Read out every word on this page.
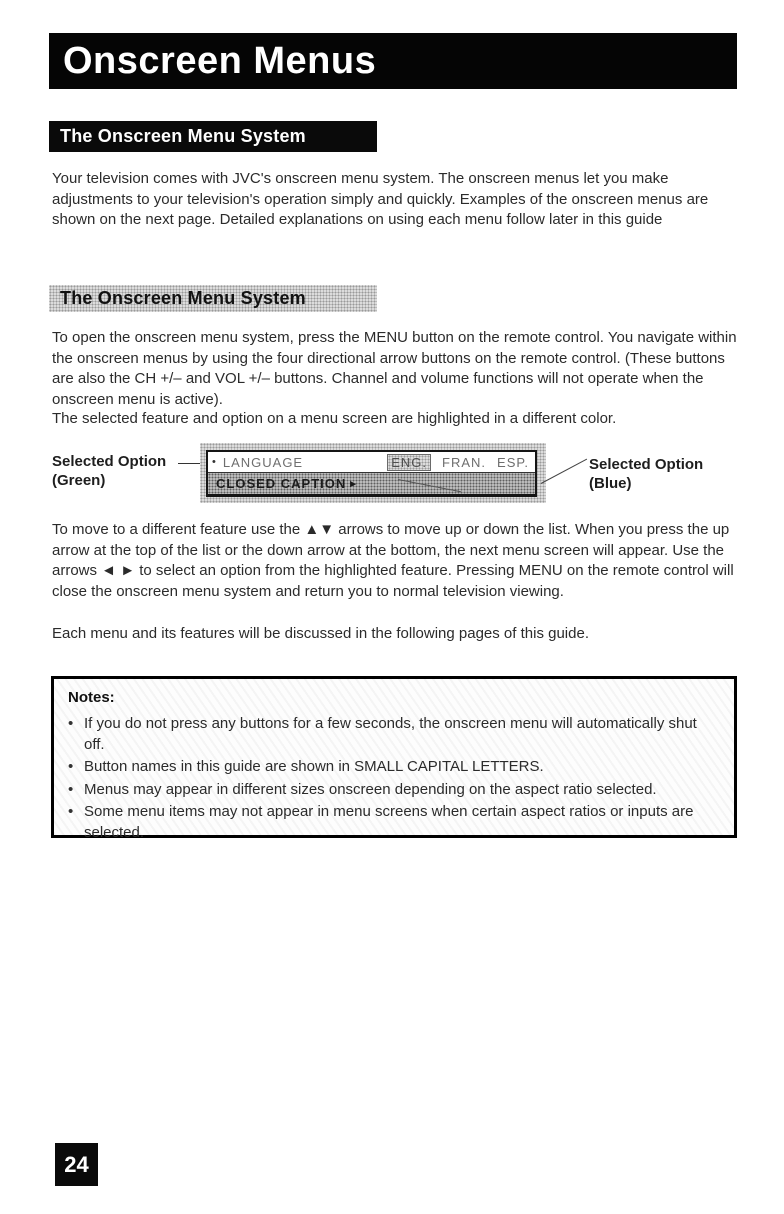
Onscreen Menus
The Onscreen Menu System
Your television comes with JVC's onscreen menu system. The onscreen menus let you make adjustments to your television's operation simply and quickly. Examples of the onscreen menus are shown on the next page. Detailed explanations on using each menu follow later in this guide
The Onscreen Menu System
To open the onscreen menu system, press the MENU button on the remote control. You navigate within the onscreen menus by using the four directional arrow buttons on the remote control. (These buttons are also the CH +/– and VOL +/– buttons. Channel and volume functions will not operate when the onscreen menu is active).
The selected feature and option on a menu screen are highlighted in a different color.
Selected Option
(Green)
• LANGUAGE	ENG.	FRAN. ESP.
CLOSED CAPTION ▸
Selected Option
(Blue)
To move to a different feature use the ▲▼ arrows to move up or down the list. When you press the up arrow at the top of the list or the down arrow at the bottom, the next menu screen will appear. Use the arrows ◄ ► to select an option from the highlighted feature. Pressing MENU on the remote control will close the onscreen menu system and return you to normal television viewing.
Each menu and its features will be discussed in the following pages of this guide.
Notes:
• If you do not press any buttons for a few seconds, the onscreen menu will automatically shut off.
• Button names in this guide are shown in SMALL CAPITAL LETTERS.
• Menus may appear in different sizes onscreen depending on the aspect ratio selected.
• Some menu items may not appear in menu screens when certain aspect ratios or inputs are selected.
24
